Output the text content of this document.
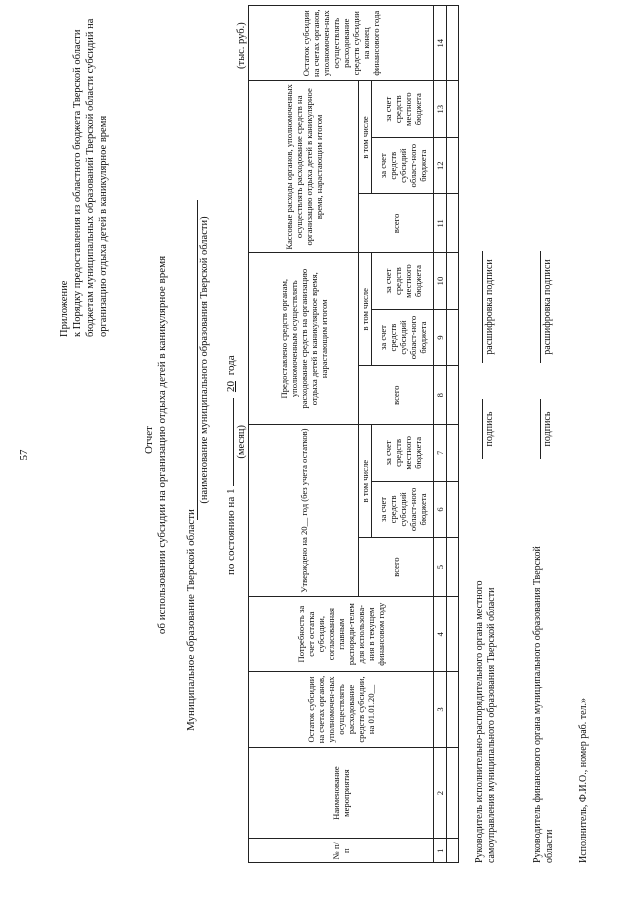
57
Приложение к Порядку предоставления из областного бюджета Тверской области бюджетам муниципальных образований Тверской области субсидий на организацию отдыха детей в каникулярное время
Отчет об использовании субсидии на организацию отдыха детей в каникулярное время Муниципальное образование Тверской области
(наименование муниципального образования Тверской области)
по состоянию на 1
(месяц)
20 года
(тыс. руб.)
№ п/п	Наименование мероприятия	Остаток субсидии на счетах органов, уполномочен-ных осуществлять расходование средств субсидии, на 01.01.20__	Потребность за счет остатка субсидии, согласованная главным распоряди-телем для использова-ния в текущем финансовом году	Утверждено на 20__ год (без учета остатков)			Предоставлено средств органам, уполномоченным осуществлять расходование средств на организацию отдыха детей в каникулярное время, нарастающим итогом			Кассовые расходы органов, уполномоченных осуществлять расходование средств на организацию отдыха детей в каникулярное время, нарастающим итогом			Остаток субсидии на счетах органов, уполномочен-ных осуществлять расходование средств субсидии на конец финансового года
				всего	в том числе		всего	в том числе		всего	в том числе		
					за счет средств субсидий област-ного бюджета	за счет средств местного бюджета		за счет средств субсидий област-ного бюджета	за счет средств местного бюджета		за счет средств субсидий област-ного бюджета	за счет средств местного бюджета	
1	2	3	4	5	6	7	8	9	10	11	12	13	14

Руководитель исполнительно-распорядительного органа местного самоуправления муниципального образования Тверской области
подпись
расшифровка подписи
Руководитель финансового органа муниципального образования Тверской области
подпись
расшифровка подписи
Исполнитель, Ф.И.О., номер раб. тел.»
